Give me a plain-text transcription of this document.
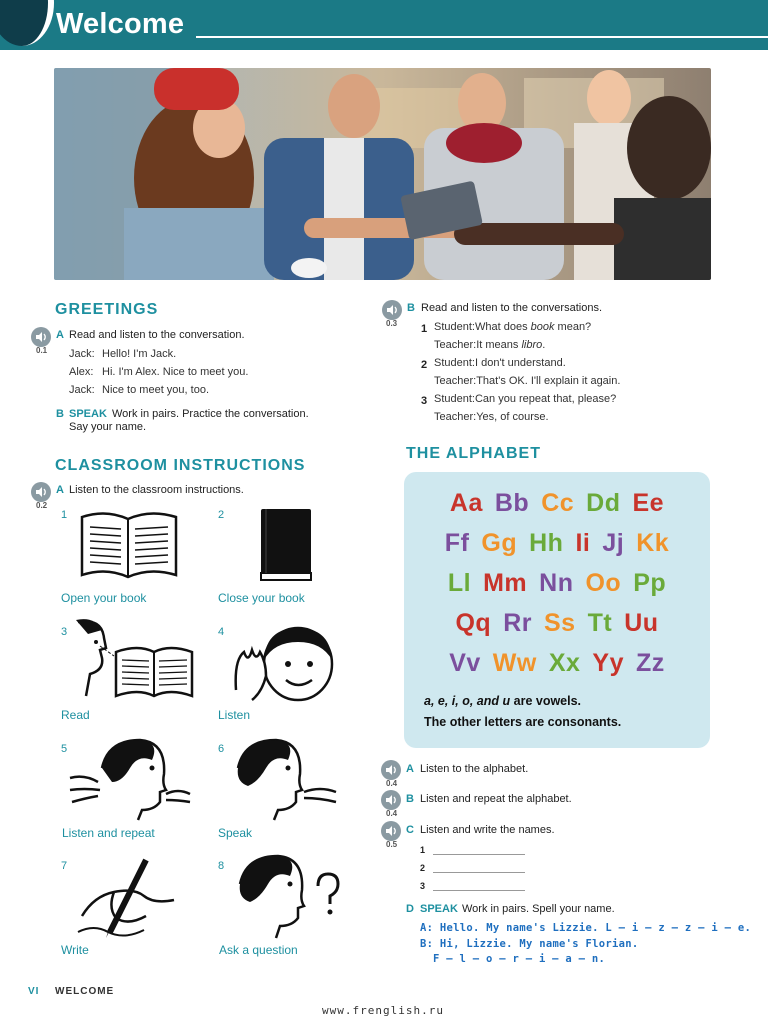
Welcome
GREETINGS
0.1
A Read and listen to the conversation.
Jack: Hello! I'm Jack.
Alex: Hi. I'm Alex. Nice to meet you.
Jack: Nice to meet you, too.
B SPEAK Work in pairs. Practice the conversation.
Say your name.
CLASSROOM INSTRUCTIONS
0.2
A Listen to the classroom instructions.
1
Open your book
2
Close your book
3
Read
4
Listen
5
Listen and repeat
6
Speak
7
Write
8
Ask a question
0.3
B Read and listen to the conversations.
1 Student:What does book mean?
Teacher:It means libro.
2 Student:I don't understand.
Teacher:That's OK. I'll explain it again.
3 Student:Can you repeat that, please?
Teacher:Yes, of course.
THE ALPHABET
Aa Bb Cc Dd Ee
Ff Gg Hh Ii Jj Kk
Ll Mm Nn Oo Pp
Qq Rr Ss Tt Uu
Vv Ww Xx Yy Zz
a, e, i, o, and u are vowels.
The other letters are consonants.
0.4
A Listen to the alphabet.
0.4
B Listen and repeat the alphabet.
0.5
C Listen and write the names.
1
2
3
D SPEAK Work in pairs. Spell your name.
A: Hello. My name's Lizzie. L – i – z – z – i – e.
B: Hi, Lizzie. My name's Florian.
F – l – o – r – i – a – n.
VI WELCOME
www.frenglish.ru
